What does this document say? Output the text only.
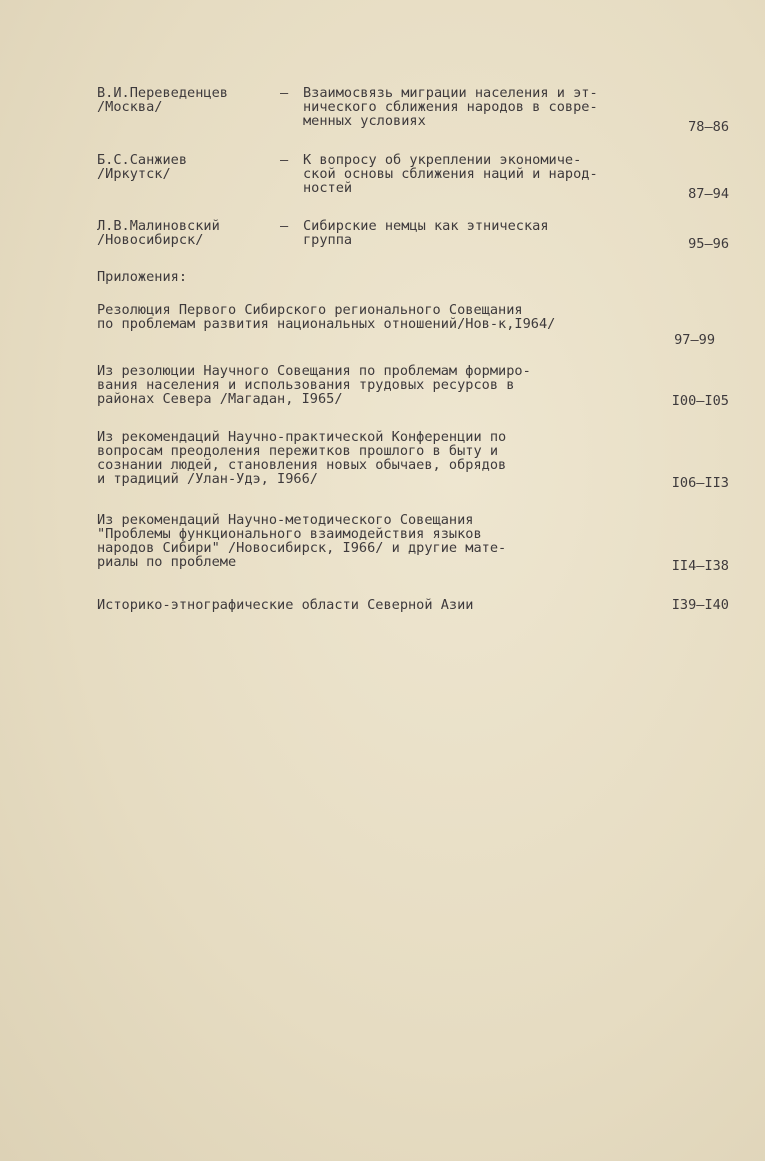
В.И.Переведенцев
/Москва/
– Взаимосвязь миграции населения и эт-
нического сближения народов в совре-
менных условиях	78–86
Б.С.Санжиев
/Иркутск/
– К вопросу об укреплении экономиче-
ской основы сближения наций и народ-
ностей	87–94
Л.В.Малиновский
/Новосибирск/
– Сибирские немцы как этническая
группа	95–96
Приложения:
Резолюция Первого Сибирского регионального Совещания
по проблемам развития национальных отношений/Нов-к,I964/
97–99
Из резолюции Научного Совещания по проблемам формиро-
вания населения и использования трудовых ресурсов в
районах Севера /Магадан, I965/	I00–I05
Из рекомендаций Научно-практической Конференции по
вопросам преодоления пережитков прошлого в быту и
сознании людей, становления новых обычаев, обрядов
и традиций /Улан-Удэ, I966/	I06–II3
Из рекомендаций Научно-методического Совещания
"Проблемы функционального взаимодействия языков
народов Сибири" /Новосибирск, I966/ и другие мате-
риалы по проблеме	II4–I38
Историко-этнографические области Северной Азии	I39–I40
